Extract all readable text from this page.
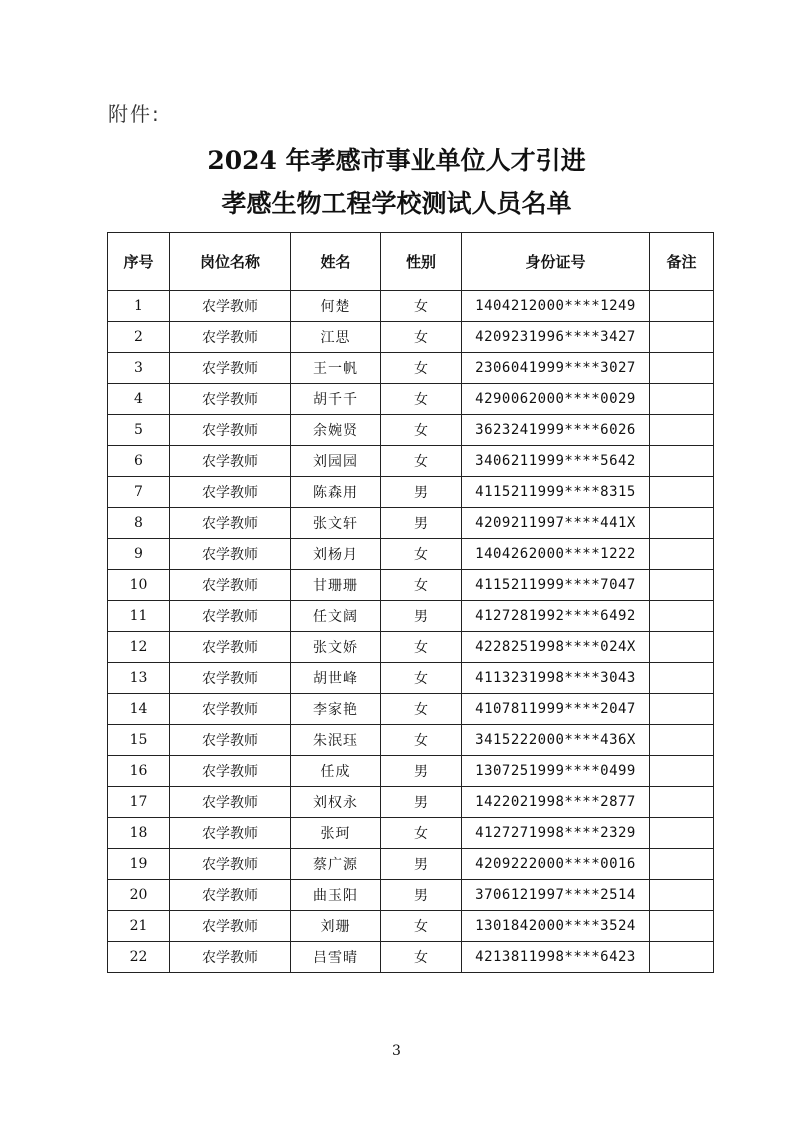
附件:
2024 年孝感市事业单位人才引进
孝感生物工程学校测试人员名单
序号	岗位名称	姓名	性别	身份证号	备注
1	农学教师	何楚	女	1404212000****1249	
2	农学教师	江思	女	4209231996****3427	
3	农学教师	王一帆	女	2306041999****3027	
4	农学教师	胡千千	女	4290062000****0029	
5	农学教师	余婉贤	女	3623241999****6026	
6	农学教师	刘园园	女	3406211999****5642	
7	农学教师	陈森用	男	4115211999****8315	
8	农学教师	张文轩	男	4209211997****441X	
9	农学教师	刘杨月	女	1404262000****1222	
10	农学教师	甘珊珊	女	4115211999****7047	
11	农学教师	任文阔	男	4127281992****6492	
12	农学教师	张文娇	女	4228251998****024X	
13	农学教师	胡世峰	女	4113231998****3043	
14	农学教师	李家艳	女	4107811999****2047	
15	农学教师	朱泯珏	女	3415222000****436X	
16	农学教师	任成	男	1307251999****0499	
17	农学教师	刘权永	男	1422021998****2877	
18	农学教师	张珂	女	4127271998****2329	
19	农学教师	蔡广源	男	4209222000****0016	
20	农学教师	曲玉阳	男	3706121997****2514	
21	农学教师	刘珊	女	1301842000****3524	
22	农学教师	吕雪晴	女	4213811998****6423	
3
